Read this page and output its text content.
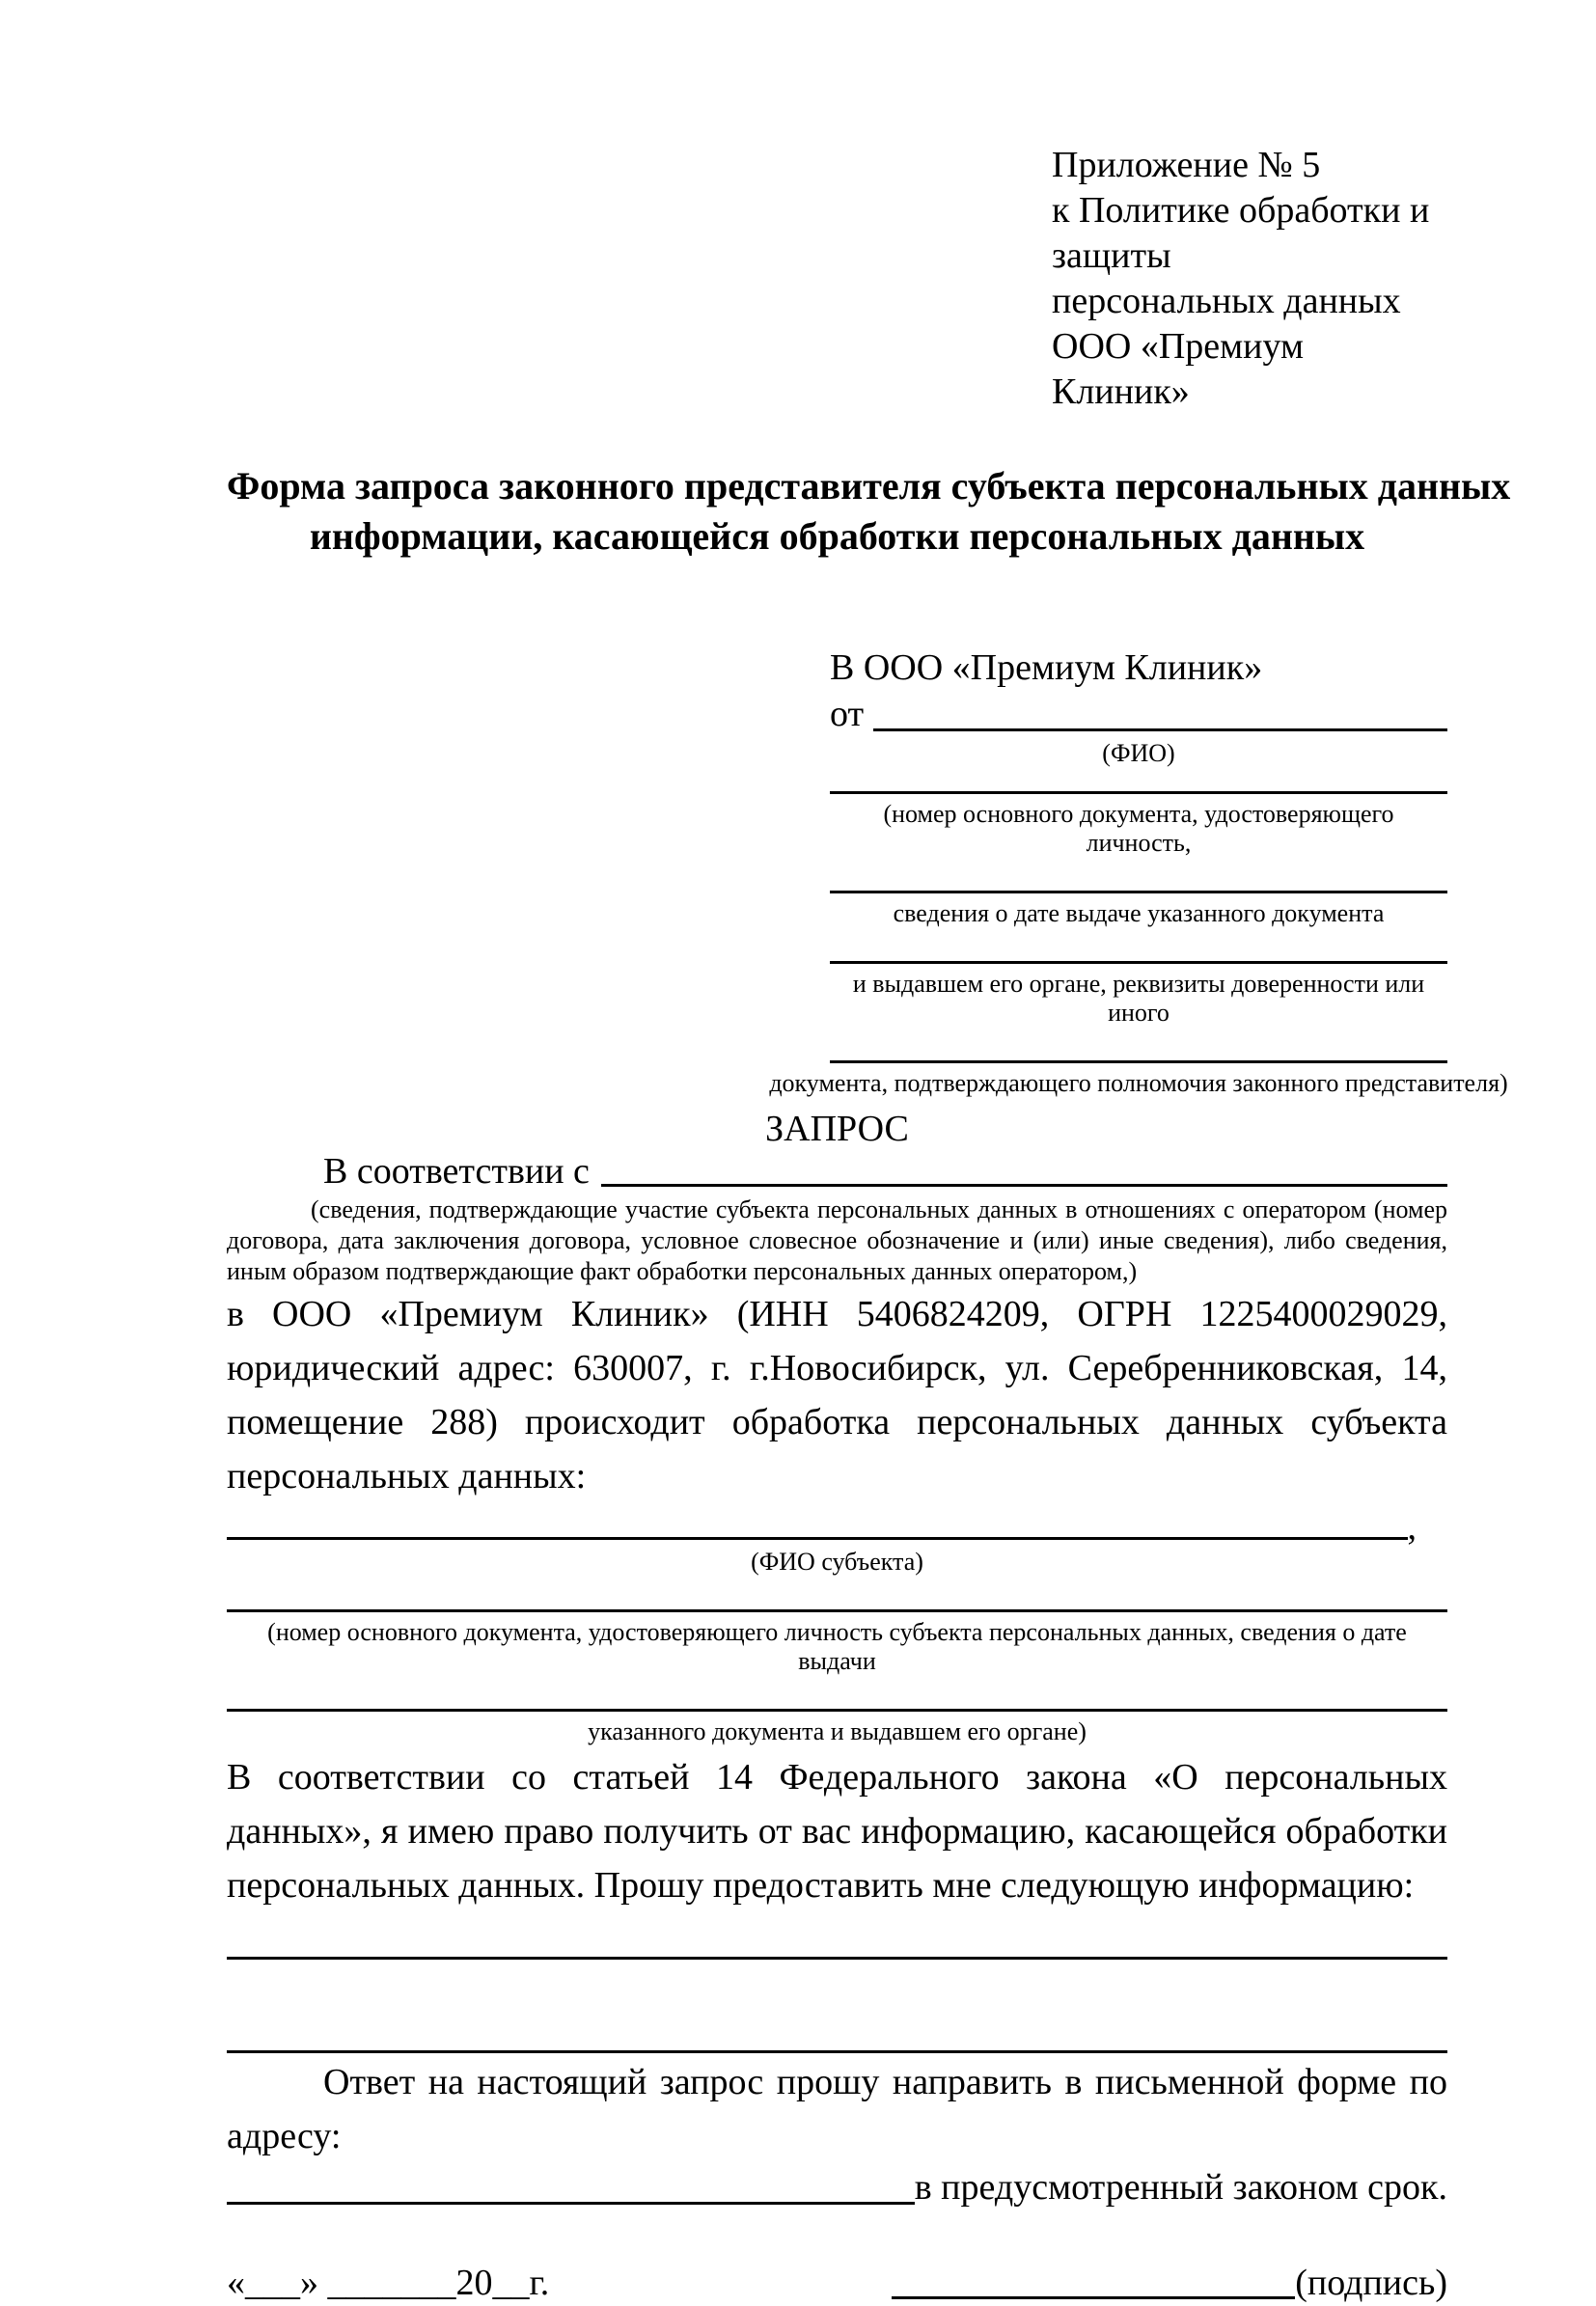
Приложение № 5
к Политике обработки и защиты
персональных данных
ООО «Премиум Клиник»
Форма запроса законного представителя субъекта персональных данных
информации, касающейся обработки персональных данных
В ООО «Премиум Клиник»
от
(ФИО)
(номер основного документа, удостоверяющего личность,
сведения о дате выдаче указанного документа
и выдавшем его органе, реквизиты доверенности или иного
документа, подтверждающего полномочия законного представителя)
ЗАПРОС
В соответствии с
(сведения, подтверждающие участие субъекта персональных данных в отношениях с оператором (номер договора, дата заключения договора, условное словесное обозначение и (или) иные сведения), либо сведения, иным образом подтверждающие факт обработки персональных данных оператором,)
в ООО «Премиум Клиник» (ИНН 5406824209, ОГРН 1225400029029, юридический адрес: 630007, г. г.Новосибирск, ул. Серебренниковская, 14, помещение 288) происходит обработка персональных данных субъекта персональных данных:
,
(ФИО субъекта)
(номер основного документа, удостоверяющего личность субъекта персональных данных, сведения о дате выдачи
указанного документа и выдавшем его органе)
В соответствии со статьей 14 Федерального закона «О персональных данных», я имею право получить от вас информацию, касающейся обработки персональных данных. Прошу предоставить мне следующую информацию:
Ответ на настоящий запрос прошу направить в письменной форме по адресу:
в предусмотренный законом срок.
«___» _______20__г.	(подпись)
